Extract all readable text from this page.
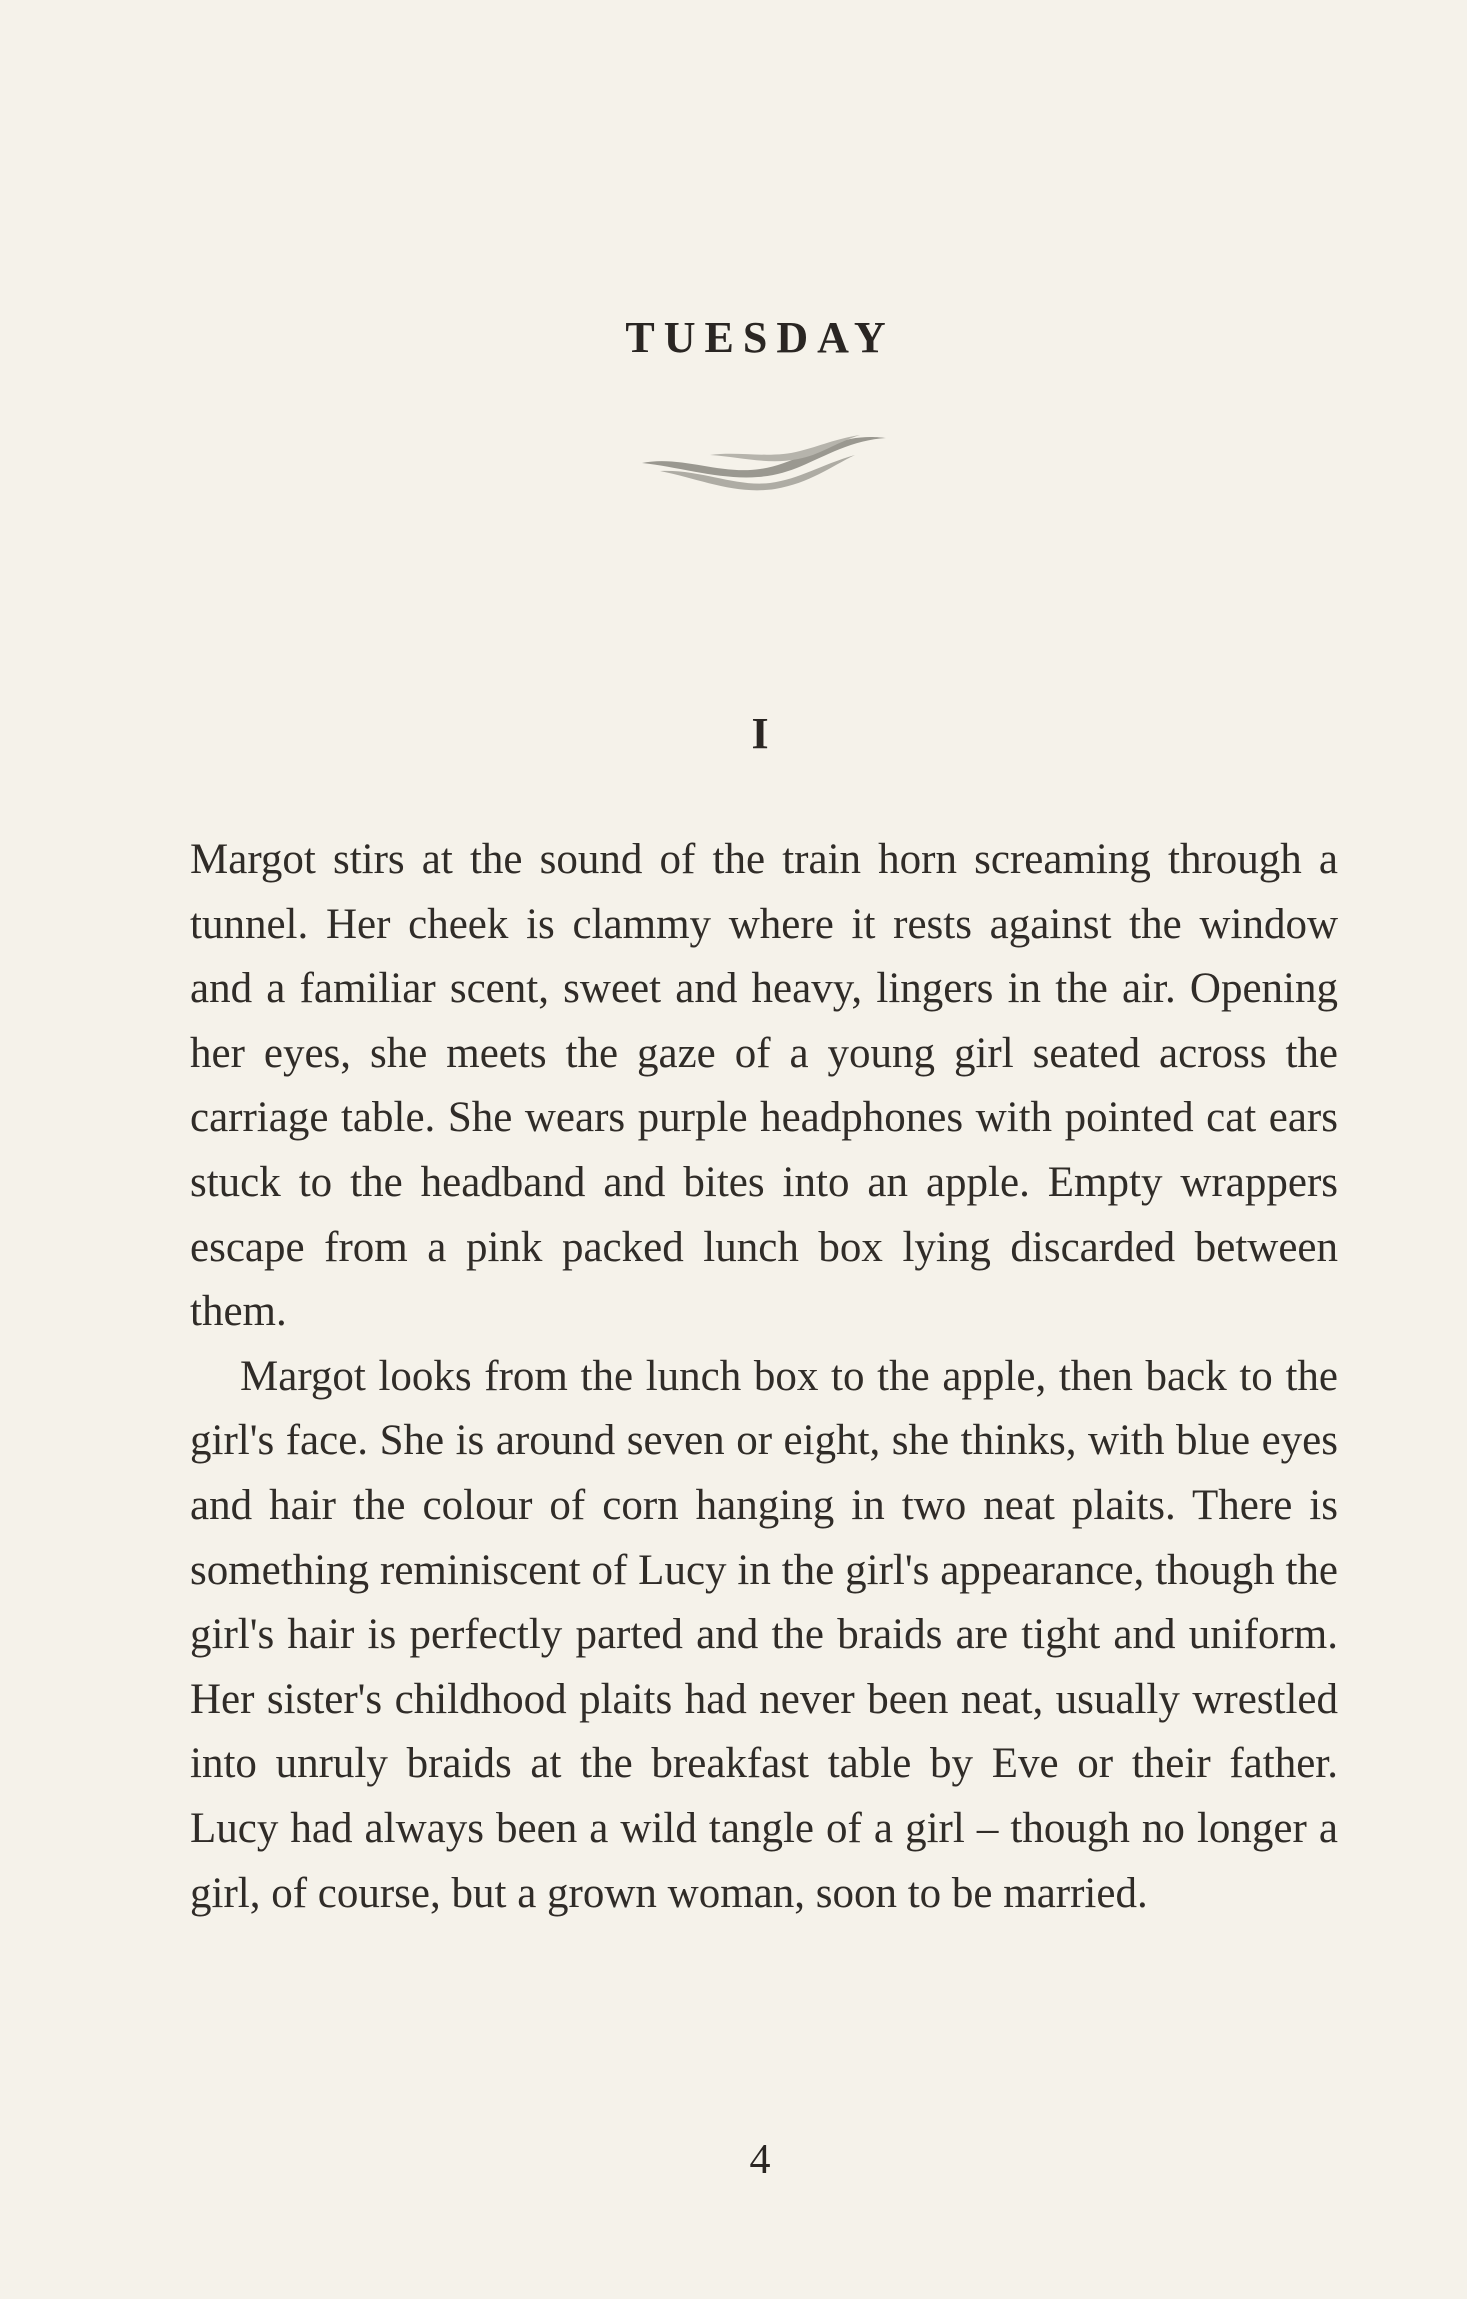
TUESDAY
I

Margot stirs at the sound of the train horn screaming through a tunnel. Her cheek is clammy where it rests against the window and a familiar scent, sweet and heavy, lingers in the air. Opening her eyes, she meets the gaze of a young girl seated across the carriage table. She wears purple headphones with pointed cat ears stuck to the headband and bites into an apple. Empty wrappers escape from a pink packed lunch box lying discarded between them.

Margot looks from the lunch box to the apple, then back to the girl's face. She is around seven or eight, she thinks, with blue eyes and hair the colour of corn hanging in two neat plaits. There is something reminiscent of Lucy in the girl's appearance, though the girl's hair is perfectly parted and the braids are tight and uniform. Her sister's childhood plaits had never been neat, usually wrestled into unruly braids at the breakfast table by Eve or their father. Lucy had always been a wild tangle of a girl – though no longer a girl, of course, but a grown woman, soon to be married.

4
